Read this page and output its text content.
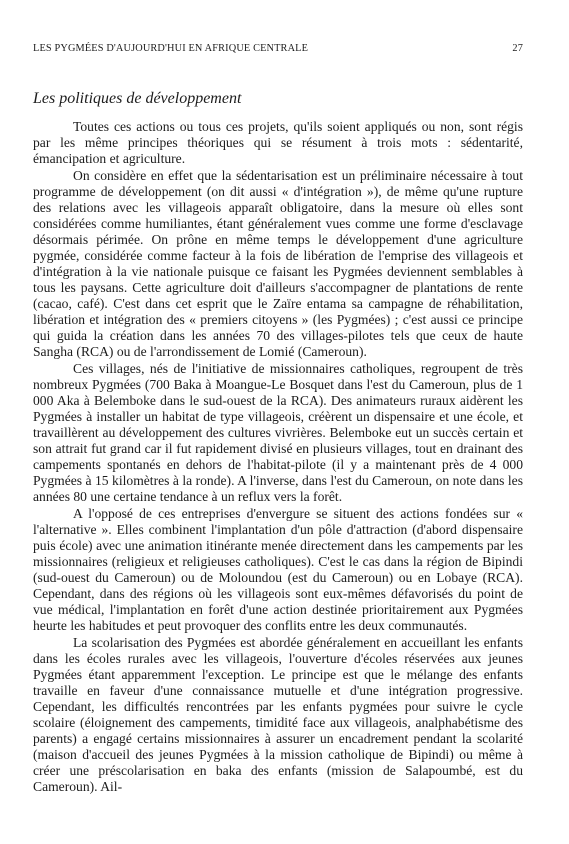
LES PYGMÉES D'AUJOURD'HUI EN AFRIQUE CENTRALE	27
Les politiques de développement

Toutes ces actions ou tous ces projets, qu'ils soient appliqués ou non, sont régis par les même principes théoriques qui se résument à trois mots : sédentarité, émancipation et agriculture.

On considère en effet que la sédentarisation est un préliminaire nécessaire à tout programme de développement (on dit aussi « d'intégration »), de même qu'une rupture des relations avec les villageois apparaît obligatoire, dans la mesure où elles sont considérées comme humiliantes, étant généralement vues comme une forme d'esclavage désormais périmée. On prône en même temps le développement d'une agriculture pygmée, considérée comme facteur à la fois de libération de l'emprise des villageois et d'intégration à la vie nationale puisque ce faisant les Pygmées deviennent semblables à tous les paysans. Cette agriculture doit d'ailleurs s'accompagner de plantations de rente (cacao, café). C'est dans cet esprit que le Zaïre entama sa campagne de réhabilitation, libération et intégration des « premiers citoyens » (les Pygmées) ; c'est aussi ce principe qui guida la création dans les années 70 des villages-pilotes tels que ceux de haute Sangha (RCA) ou de l'arrondissement de Lomié (Cameroun).

Ces villages, nés de l'initiative de missionnaires catholiques, regroupent de très nombreux Pygmées (700 Baka à Moangue-Le Bosquet dans l'est du Cameroun, plus de 1 000 Aka à Belemboke dans le sud-ouest de la RCA). Des animateurs ruraux aidèrent les Pygmées à installer un habitat de type villageois, créèrent un dispensaire et une école, et travaillèrent au développement des cultures vivrières. Belemboke eut un succès certain et son attrait fut grand car il fut rapidement divisé en plusieurs villages, tout en drainant des campements spontanés en dehors de l'habitat-pilote (il y a maintenant près de 4 000 Pygmées à 15 kilomètres à la ronde). A l'inverse, dans l'est du Cameroun, on note dans les années 80 une certaine tendance à un reflux vers la forêt.

A l'opposé de ces entreprises d'envergure se situent des actions fondées sur « l'alternative ». Elles combinent l'implantation d'un pôle d'attraction (d'abord dispensaire puis école) avec une animation itinérante menée directement dans les campements par les missionnaires (religieux et religieuses catholiques). C'est le cas dans la région de Bipindi (sud-ouest du Cameroun) ou de Moloundou (est du Cameroun) ou en Lobaye (RCA). Cependant, dans des régions où les villageois sont eux-mêmes défavorisés du point de vue médical, l'implantation en forêt d'une action destinée prioritairement aux Pygmées heurte les habitudes et peut provoquer des conflits entre les deux communautés.

La scolarisation des Pygmées est abordée généralement en accueillant les enfants dans les écoles rurales avec les villageois, l'ouverture d'écoles réservées aux jeunes Pygmées étant apparemment l'exception. Le principe est que le mélange des enfants travaille en faveur d'une connaissance mutuelle et d'une intégration progressive. Cependant, les difficultés rencontrées par les enfants pygmées pour suivre le cycle scolaire (éloignement des campements, timidité face aux villageois, analphabétisme des parents) a engagé certains missionnaires à assurer un encadrement pendant la scolarité (maison d'accueil des jeunes Pygmées à la mission catholique de Bipindi) ou même à créer une préscolarisation en baka des enfants (mission de Salapoumbé, est du Cameroun). Ail-
